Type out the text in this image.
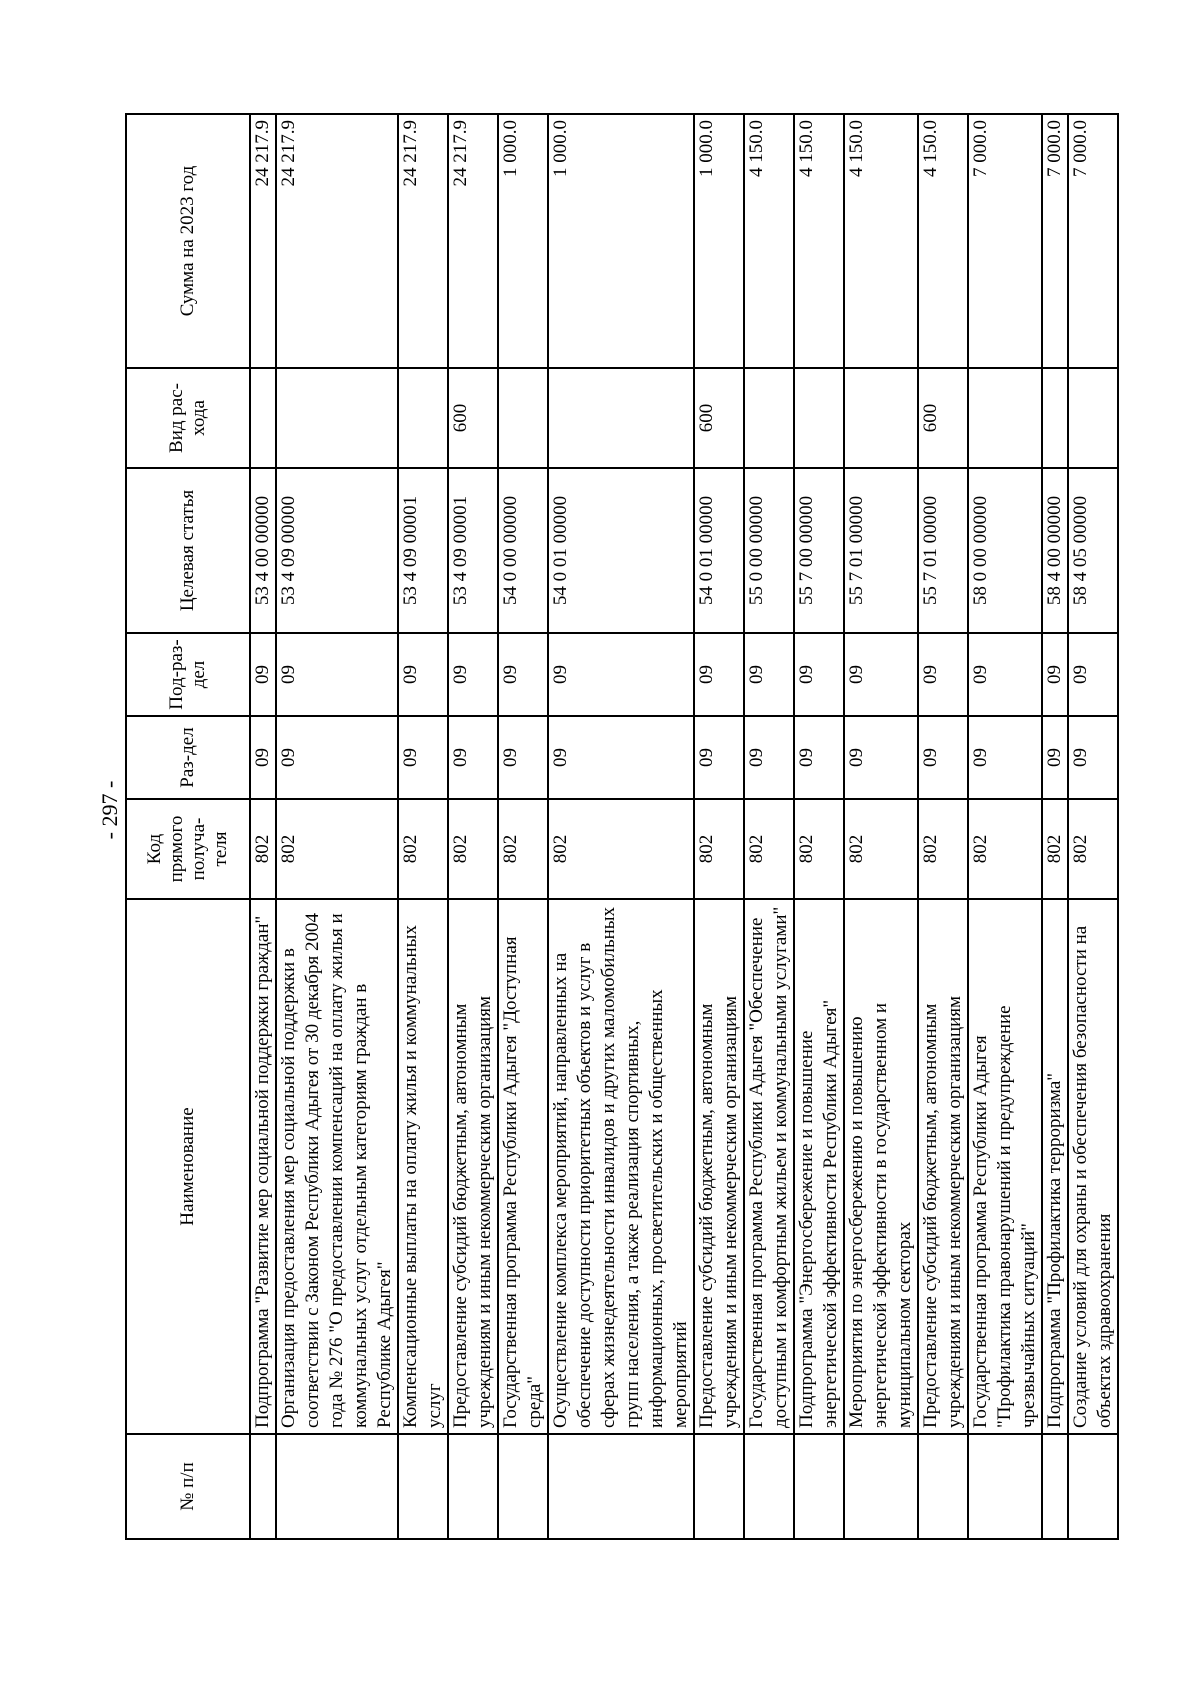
- 297 -
№ п/п	Наименование	Код прямого получа-теля	Раз-дел	Под-раз-дел	Целевая статья	Вид рас-хода	Сумма на 2023 год
	Подпрограмма "Развитие мер социальной поддержки граждан"	802	09	09	53 4 00 00000		24 217.9
	Организация предоставления мер социальной поддержки в соответствии с Законом Республики Адыгея от 30 декабря 2004 года № 276 "О предоставлении компенсаций на оплату жилья и коммунальных услуг отдельным категориям граждан в Республике Адыгея"	802	09	09	53 4 09 00000		24 217.9
	Компенсационные выплаты на оплату жилья и коммунальных услуг	802	09	09	53 4 09 00001		24 217.9
	Предоставление субсидий бюджетным, автономным учреждениям и иным некоммерческим организациям	802	09	09	53 4 09 00001	600	24 217.9
	Государственная программа Республики Адыгея "Доступная среда"	802	09	09	54 0 00 00000		1 000.0
	Осуществление комплекса мероприятий, направленных на обеспечение доступности приоритетных объектов и услуг в сферах жизнедеятельности инвалидов и других маломобильных групп населения, а также реализация спортивных, информационных, просветительских и общественных мероприятий	802	09	09	54 0 01 00000		1 000.0
	Предоставление субсидий бюджетным, автономным учреждениям и иным некоммерческим организациям	802	09	09	54 0 01 00000	600	1 000.0
	Государственная программа Республики Адыгея "Обеспечение доступным и комфортным жильем и коммунальными услугами"	802	09	09	55 0 00 00000		4 150.0
	Подпрограмма "Энергосбережение и повышение энергетической эффективности Республики Адыгея"	802	09	09	55 7 00 00000		4 150.0
	Мероприятия по энергосбережению и повышению энергетической эффективности в государственном и муниципальном секторах	802	09	09	55 7 01 00000		4 150.0
	Предоставление субсидий бюджетным, автономным учреждениям и иным некоммерческим организациям	802	09	09	55 7 01 00000	600	4 150.0
	Государственная программа Республики Адыгея "Профилактика правонарушений и предупреждение чрезвычайных ситуаций"	802	09	09	58 0 00 00000		7 000.0
	Подпрограмма "Профилактика терроризма"	802	09	09	58 4 00 00000		7 000.0
	Создание условий для охраны и обеспечения безопасности на объектах здравоохранения	802	09	09	58 4 05 00000		7 000.0
